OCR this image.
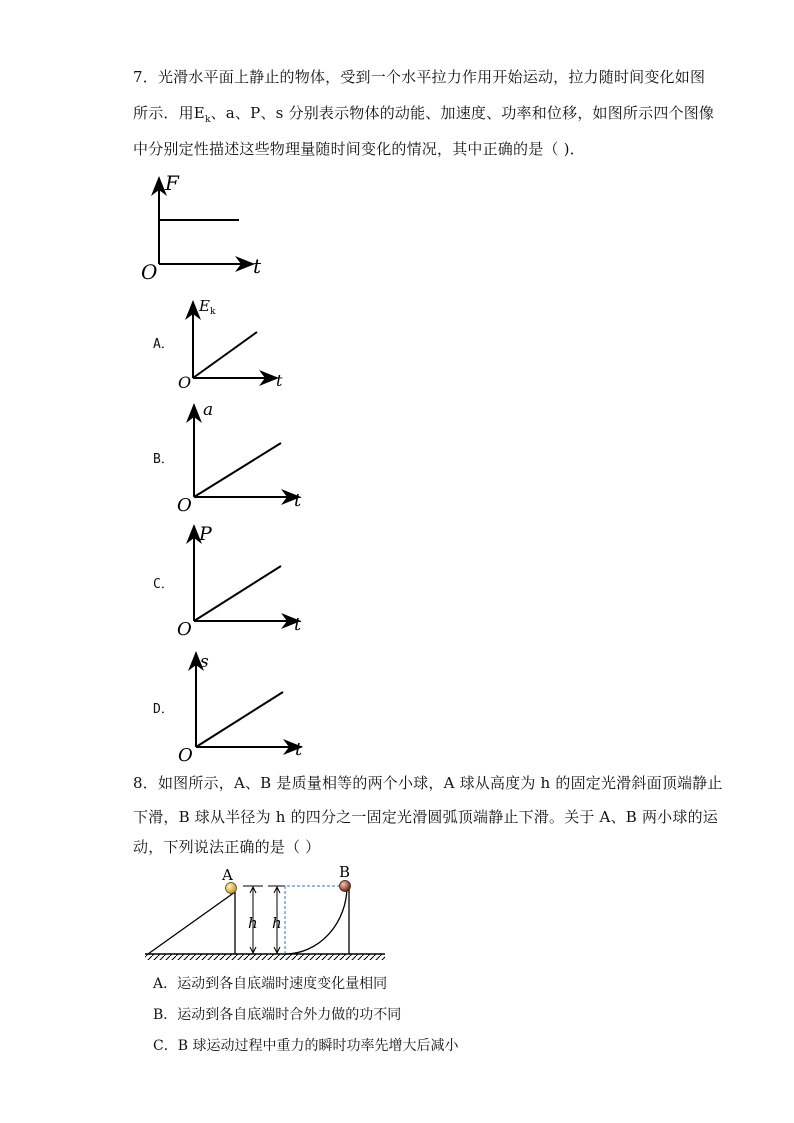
7．光滑水平面上静止的物体，受到一个水平拉力作用开始运动，拉力随时间变化如图
所示．用$E_k$、a、P、s 分别表示物体的动能、加速度、功率和位移，如图所示四个图像
中分别定性描述这些物理量随时间变化的情况，其中正确的是（ )．
F
t
O
A．
E k
t
O
B．
a
t
O
C．
P
t
O
D．
s
t
O
8．如图所示，A、B 是质量相等的两个小球，A 球从高度为 h 的固定光滑斜面顶端静止
下滑，B 球从半径为 h 的四分之一固定光滑圆弧顶端静止下滑。关于 A、B 两小球的运
动，下列说法正确的是（ ）
A
h h
B
A．运动到各自底端时速度变化量相同
B．运动到各自底端时合外力做的功不同
C．B 球运动过程中重力的瞬时功率先增大后减小
